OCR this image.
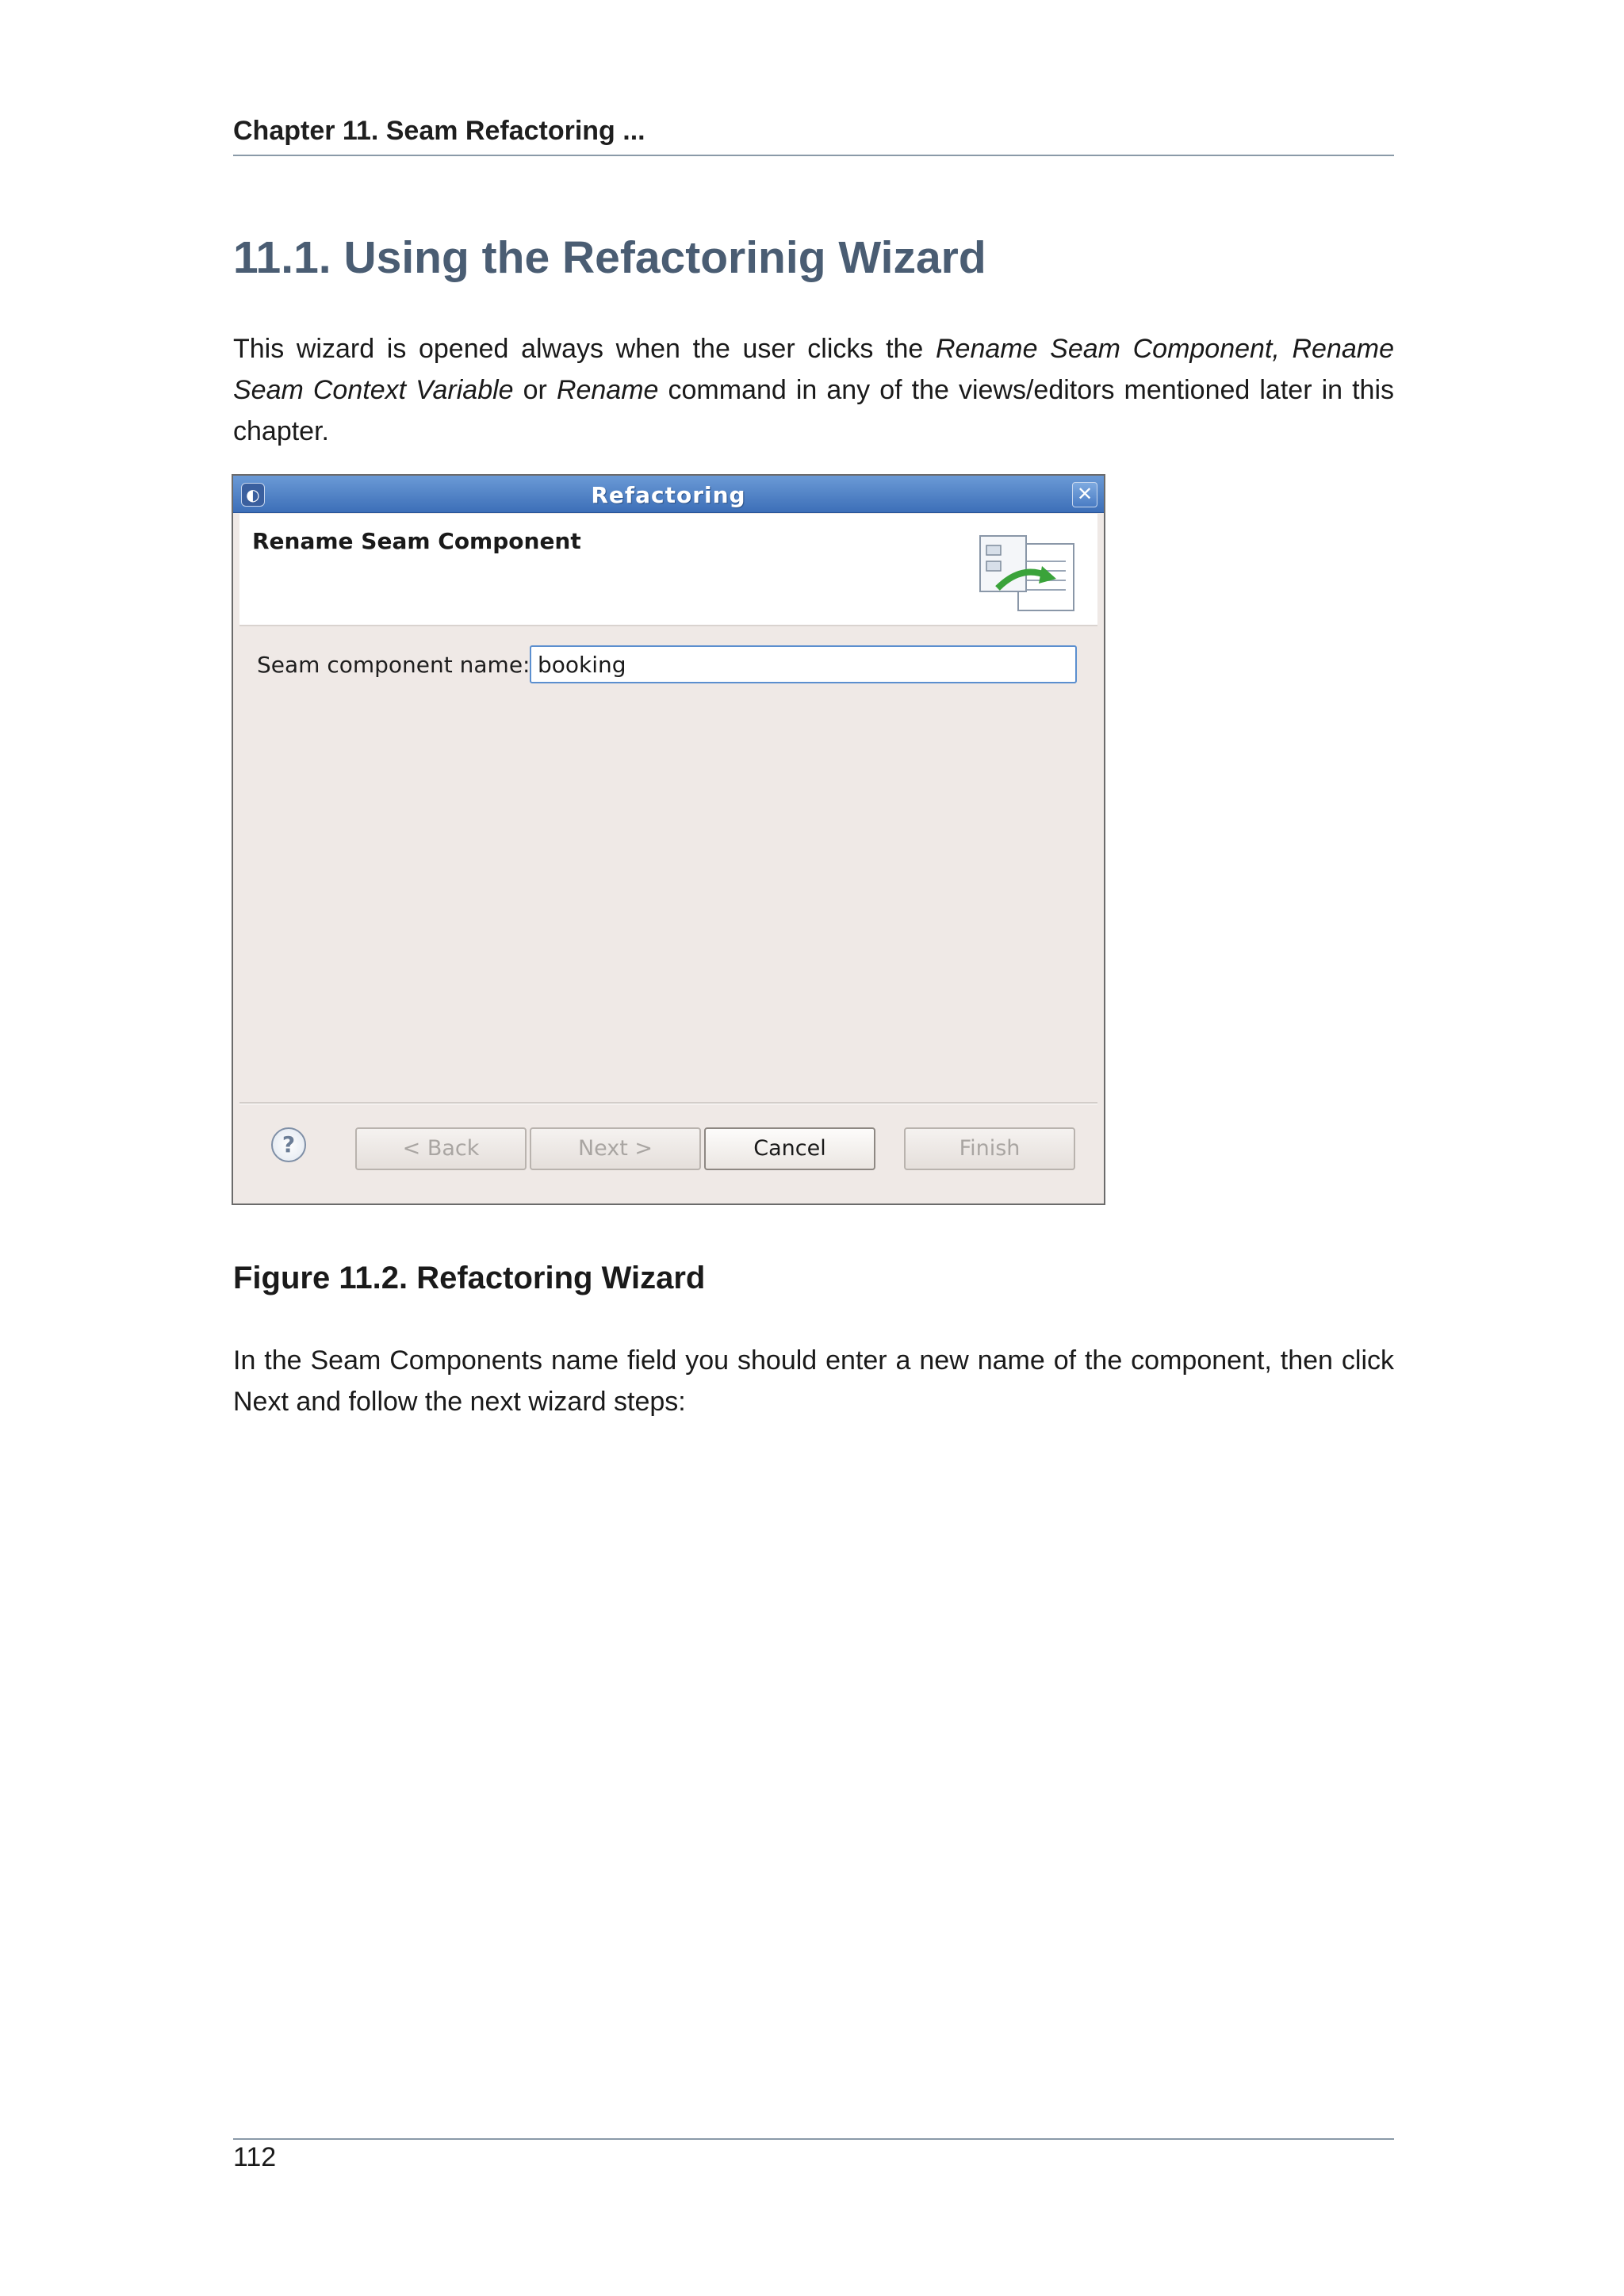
Chapter 11. Seam Refactoring ...
11.1. Using the Refactorinig Wizard

This wizard is opened always when the user clicks the Rename Seam Component, Rename Seam Context Variable or Rename command in any of the views/editors mentioned later in this chapter.

◐	Refactoring	✕
Rename Seam Component
Seam component name:
booking
?	< Back	Next >	Cancel	Finish
Figure 11.2. Refactoring Wizard

In the Seam Components name field you should enter a new name of the component, then click Next and follow the next wizard steps:

112
